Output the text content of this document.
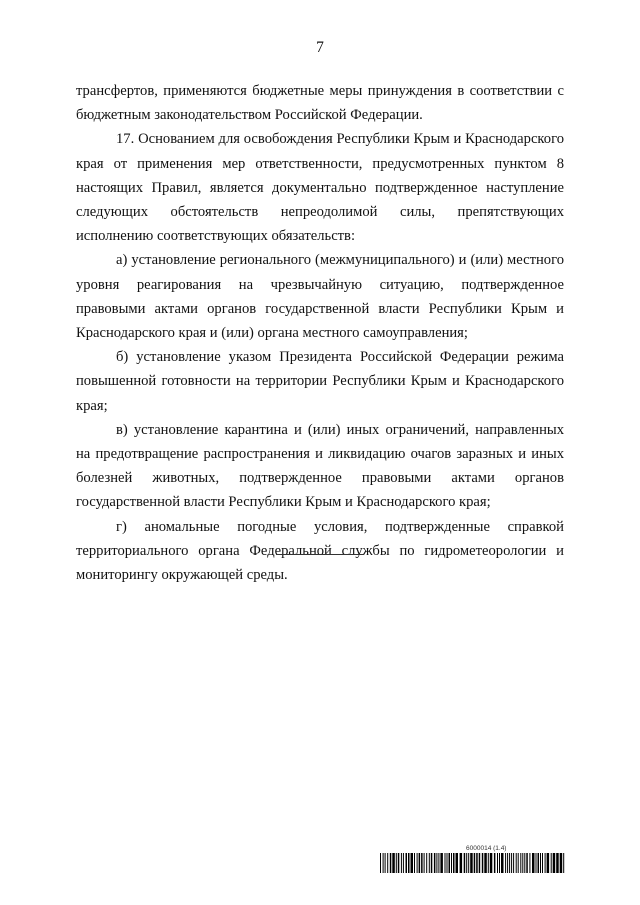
7

трансфертов, применяются бюджетные меры принуждения в соответствии с бюджетным законодательством Российской Федерации.

17. Основанием для освобождения Республики Крым и Краснодарского края от применения мер ответственности, предусмотренных пунктом 8 настоящих Правил, является документально подтвержденное наступление следующих обстоятельств непреодолимой силы, препятствующих исполнению соответствующих обязательств:

а) установление регионального (межмуниципального) и (или) местного уровня реагирования на чрезвычайную ситуацию, подтвержденное правовыми актами органов государственной власти Республики Крым и Краснодарского края и (или) органа местного самоуправления;

б) установление указом Президента Российской Федерации режима повышенной готовности на территории Республики Крым и Краснодарского края;

в) установление карантина и (или) иных ограничений, направленных на предотвращение распространения и ликвидацию очагов заразных и иных болезней животных, подтвержденное правовыми актами органов государственной власти Республики Крым и Краснодарского края;

г) аномальные погодные условия, подтвержденные справкой территориального органа Федеральной службы по гидрометеорологии и мониторингу окружающей среды.

6000014 (1.4)
